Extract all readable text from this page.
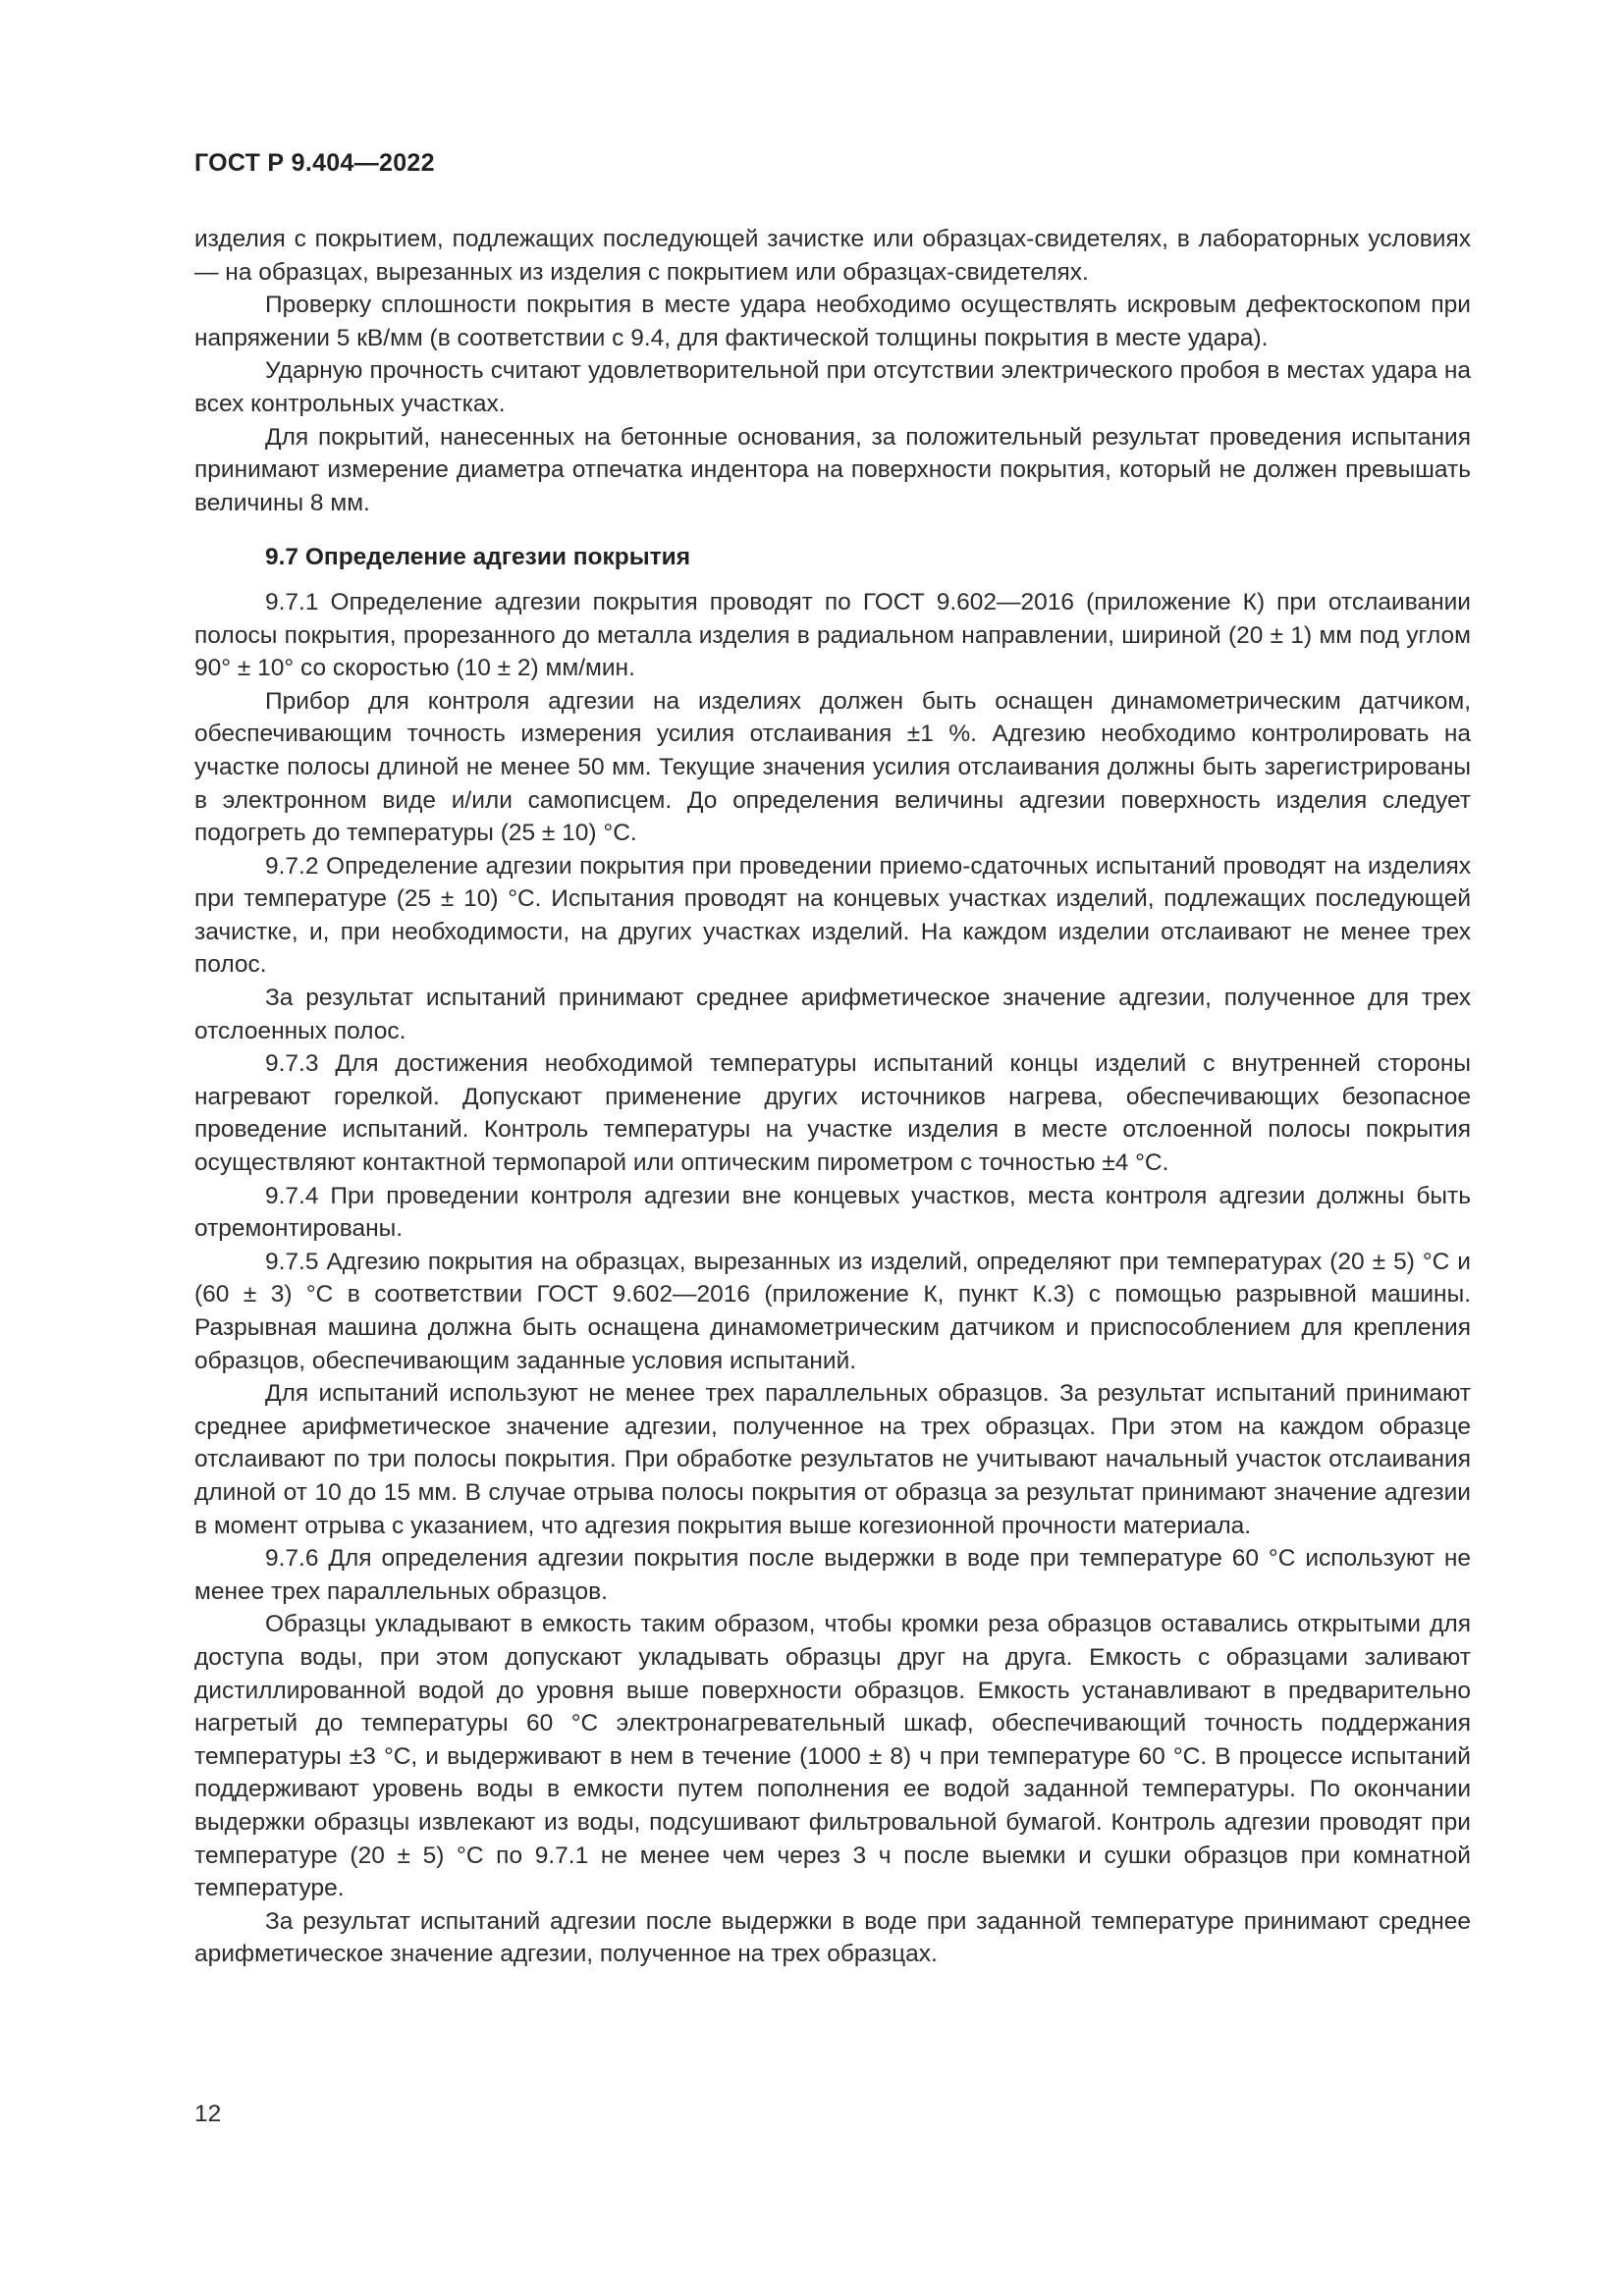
ГОСТ Р 9.404—2022

изделия с покрытием, подлежащих последующей зачистке или образцах-свидетелях, в лабораторных условиях — на образцах, вырезанных из изделия с покрытием или образцах-свидетелях.

Проверку сплошности покрытия в месте удара необходимо осуществлять искровым дефектоскопом при напряжении 5 кВ/мм (в соответствии с 9.4, для фактической толщины покрытия в месте удара).

Ударную прочность считают удовлетворительной при отсутствии электрического пробоя в местах удара на всех контрольных участках.

Для покрытий, нанесенных на бетонные основания, за положительный результат проведения испытания принимают измерение диаметра отпечатка индентора на поверхности покрытия, который не должен превышать величины 8 мм.

9.7 Определение адгезии покрытия

9.7.1 Определение адгезии покрытия проводят по ГОСТ 9.602—2016 (приложение К) при отслаивании полосы покрытия, прорезанного до металла изделия в радиальном направлении, шириной (20 ± 1) мм под углом 90° ± 10° со скоростью (10 ± 2) мм/мин.

Прибор для контроля адгезии на изделиях должен быть оснащен динамометрическим датчиком, обеспечивающим точность измерения усилия отслаивания ±1 %. Адгезию необходимо контролировать на участке полосы длиной не менее 50 мм. Текущие значения усилия отслаивания должны быть зарегистрированы в электронном виде и/или самописцем. До определения величины адгезии поверхность изделия следует подогреть до температуры (25 ± 10) °С.

9.7.2 Определение адгезии покрытия при проведении приемо-сдаточных испытаний проводят на изделиях при температуре (25 ± 10) °С. Испытания проводят на концевых участках изделий, подлежащих последующей зачистке, и, при необходимости, на других участках изделий. На каждом изделии отслаивают не менее трех полос.

За результат испытаний принимают среднее арифметическое значение адгезии, полученное для трех отслоенных полос.

9.7.3 Для достижения необходимой температуры испытаний концы изделий с внутренней стороны нагревают горелкой. Допускают применение других источников нагрева, обеспечивающих безопасное проведение испытаний. Контроль температуры на участке изделия в месте отслоенной полосы покрытия осуществляют контактной термопарой или оптическим пирометром с точностью ±4 °С.

9.7.4 При проведении контроля адгезии вне концевых участков, места контроля адгезии должны быть отремонтированы.

9.7.5 Адгезию покрытия на образцах, вырезанных из изделий, определяют при температурах (20 ± 5) °С и (60 ± 3) °С в соответствии ГОСТ 9.602—2016 (приложение К, пункт К.3) с помощью разрывной машины. Разрывная машина должна быть оснащена динамометрическим датчиком и приспособлением для крепления образцов, обеспечивающим заданные условия испытаний.

Для испытаний используют не менее трех параллельных образцов. За результат испытаний принимают среднее арифметическое значение адгезии, полученное на трех образцах. При этом на каждом образце отслаивают по три полосы покрытия. При обработке результатов не учитывают начальный участок отслаивания длиной от 10 до 15 мм. В случае отрыва полосы покрытия от образца за результат принимают значение адгезии в момент отрыва с указанием, что адгезия покрытия выше когезионной прочности материала.

9.7.6 Для определения адгезии покрытия после выдержки в воде при температуре 60 °С используют не менее трех параллельных образцов.

Образцы укладывают в емкость таким образом, чтобы кромки реза образцов оставались открытыми для доступа воды, при этом допускают укладывать образцы друг на друга. Емкость с образцами заливают дистиллированной водой до уровня выше поверхности образцов. Емкость устанавливают в предварительно нагретый до температуры 60 °С электронагревательный шкаф, обеспечивающий точность поддержания температуры ±3 °С, и выдерживают в нем в течение (1000 ± 8) ч при температуре 60 °С. В процессе испытаний поддерживают уровень воды в емкости путем пополнения ее водой заданной температуры. По окончании выдержки образцы извлекают из воды, подсушивают фильтровальной бумагой. Контроль адгезии проводят при температуре (20 ± 5) °С по 9.7.1 не менее чем через 3 ч после выемки и сушки образцов при комнатной температуре.

За результат испытаний адгезии после выдержки в воде при заданной температуре принимают среднее арифметическое значение адгезии, полученное на трех образцах.

12
